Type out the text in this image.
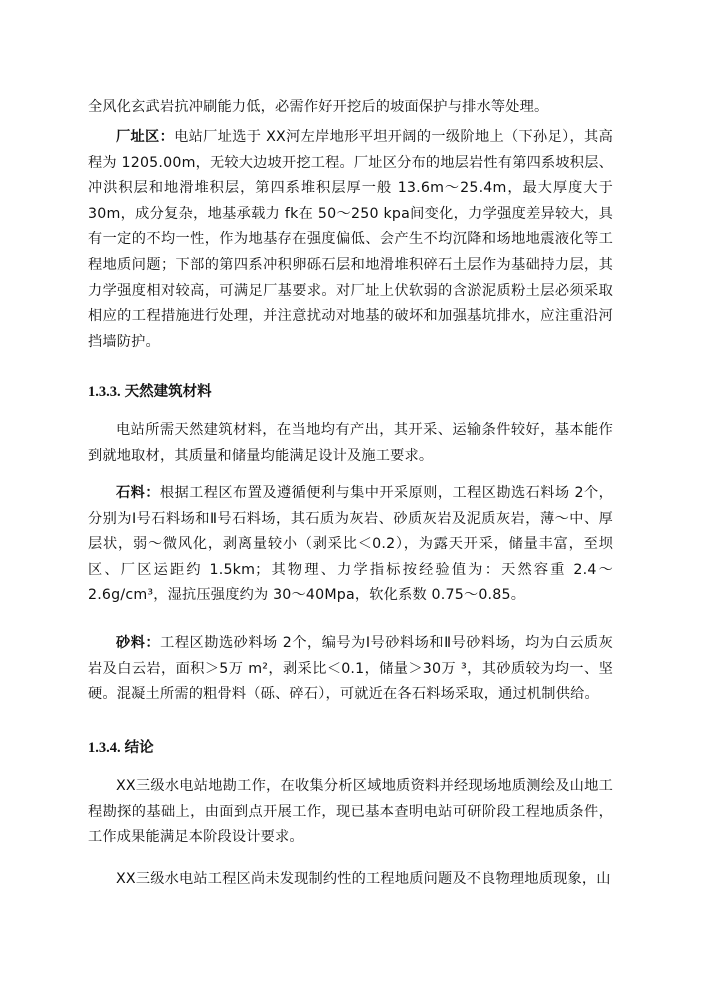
全风化玄武岩抗冲刷能力低，必需作好开挖后的坡面保护与排水等处理。

厂址区：电站厂址选于 XX河左岸地形平坦开阔的一级阶地上（下孙足），其高程为 1205.00m，无较大边坡开挖工程。厂址区分布的地层岩性有第四系坡积层、冲洪积层和地滑堆积层，第四系堆积层厚一般 13.6m～25.4m，最大厚度大于 30m，成分复杂，地基承载力 fk在 50～250 kpa间变化，力学强度差异较大，具有一定的不均一性，作为地基存在强度偏低、会产生不均沉降和场地地震液化等工程地质问题；下部的第四系冲积卵砾石层和地滑堆积碎石土层作为基础持力层，其力学强度相对较高，可满足厂基要求。对厂址上伏软弱的含淤泥质粉土层必须采取相应的工程措施进行处理，并注意扰动对地基的破坏和加强基坑排水，应注重沿河挡墙防护。

1.3.3. 天然建筑材料

电站所需天然建筑材料，在当地均有产出，其开采、运输条件较好，基本能作到就地取材，其质量和储量均能满足设计及施工要求。

石料：根据工程区布置及遵循便利与集中开采原则，工程区勘选石料场 2个，分别为Ⅰ号石料场和Ⅱ号石料场，其石质为灰岩、砂质灰岩及泥质灰岩，薄～中、厚层状，弱～微风化，剥离量较小（剥采比＜0.2），为露天开采，储量丰富，至坝区、厂区运距约 1.5km；其物理、力学指标按经验值为：天然容重 2.4～2.6g/cm³，湿抗压强度约为 30～40Mpa，软化系数 0.75～0.85。

砂料：工程区勘选砂料场 2个，编号为Ⅰ号砂料场和Ⅱ号砂料场，均为白云质灰岩及白云岩，面积＞5万 m²，剥采比＜0.1，储量＞30万 ³，其砂质较为均一、坚硬。混凝土所需的粗骨料（砾、碎石），可就近在各石料场采取，通过机制供给。

1.3.4. 结论

XX三级水电站地勘工作，在收集分析区域地质资料并经现场地质测绘及山地工程勘探的基础上，由面到点开展工作，现已基本查明电站可研阶段工程地质条件，工作成果能满足本阶段设计要求。

XX三级水电站工程区尚未发现制约性的工程地质问题及不良物理地质现象，山
